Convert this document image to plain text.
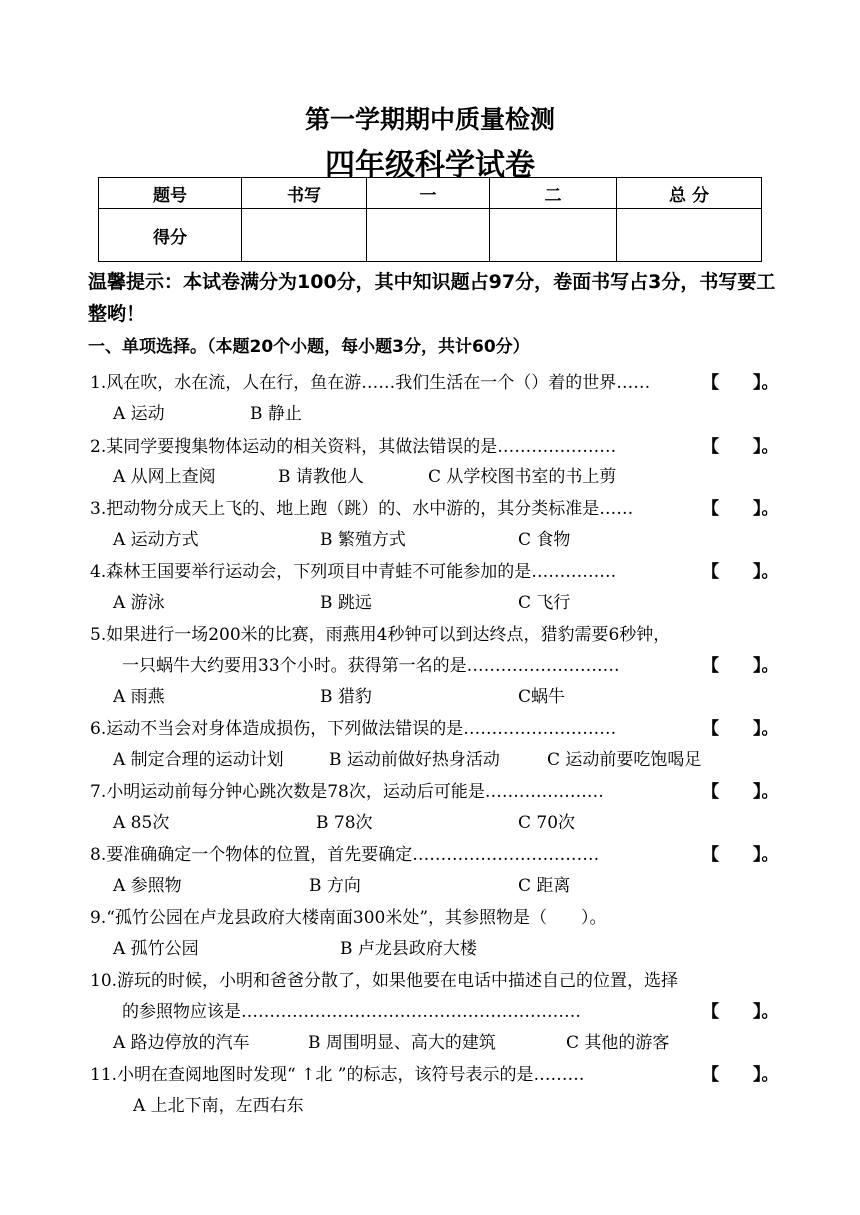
第一学期期中质量检测
四年级科学试卷
题号	书写	一	二	总 分
得分				
温馨提示：本试卷满分为100分，其中知识题占97分，卷面书写占3分，书写要工整哟！
一、单项选择。（本题20个小题，每小题3分，共计60分）
1.风在吹，水在流，人在行，鱼在游……我们生活在一个（）着的世界……	【　　】。
A 运动	B 静止
2.某同学要搜集物体运动的相关资料，其做法错误的是…………………	【　　】。
A 从网上查阅	B 请教他人	C 从学校图书室的书上剪
3.把动物分成天上飞的、地上跑（跳）的、水中游的，其分类标准是……	【　　】。
A 运动方式	B 繁殖方式	C 食物
4.森林王国要举行运动会，下列项目中青蛙不可能参加的是……………	【　　】。
A 游泳	B 跳远	C 飞行
5.如果进行一场200米的比赛，雨燕用4秒钟可以到达终点，猎豹需要6秒钟，
一只蜗牛大约要用33个小时。获得第一名的是………………………	【　　】。
A 雨燕	B 猎豹	C蜗牛
6.运动不当会对身体造成损伤，下列做法错误的是………………………	【　　】。
A 制定合理的运动计划	B 运动前做好热身活动	C 运动前要吃饱喝足
7.小明运动前每分钟心跳次数是78次，运动后可能是…………………	【　　】。
A 85次	B 78次	C 70次
8.要准确确定一个物体的位置，首先要确定……………………………	【　　】。
A 参照物	B 方向	C 距离
9.“孤竹公园在卢龙县政府大楼南面300米处”，其参照物是（　　）。
A 孤竹公园	B 卢龙县政府大楼
10.游玩的时候，小明和爸爸分散了，如果他要在电话中描述自己的位置，选择
的参照物应该是……………………………………………………	【　　】。
A 路边停放的汽车	B 周围明显、高大的建筑	C 其他的游客
11.小明在查阅地图时发现“ ↑北 ”的标志，该符号表示的是………	【　　】。
A 上北下南，左西右东
